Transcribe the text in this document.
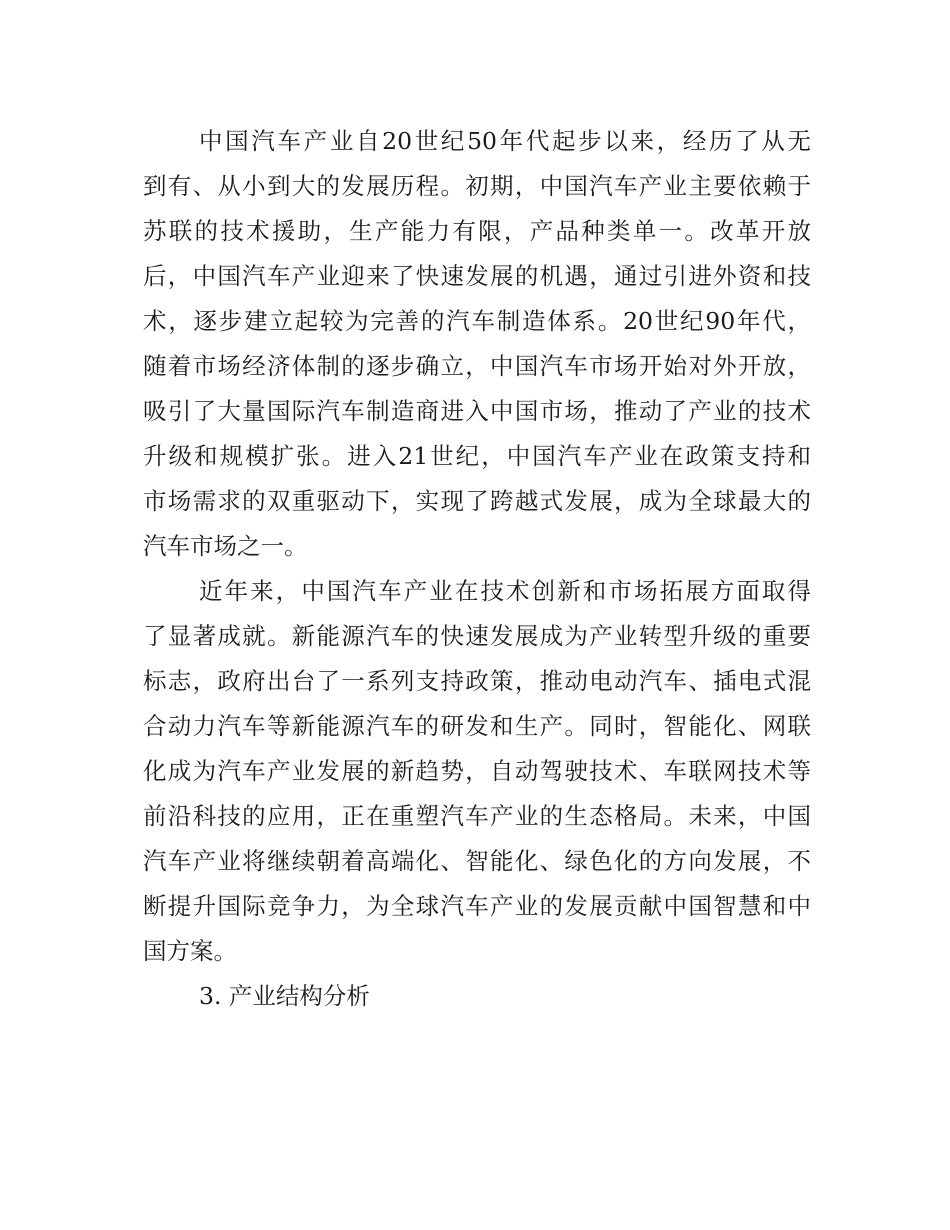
中国汽车产业自20世纪50年代起步以来，经历了从无
到有、从小到大的发展历程。初期，中国汽车产业主要依赖于
苏联的技术援助，生产能力有限，产品种类单一。改革开放
后，中国汽车产业迎来了快速发展的机遇，通过引进外资和技
术，逐步建立起较为完善的汽车制造体系。20世纪90年代，
随着市场经济体制的逐步确立，中国汽车市场开始对外开放，
吸引了大量国际汽车制造商进入中国市场，推动了产业的技术
升级和规模扩张。进入21世纪，中国汽车产业在政策支持和
市场需求的双重驱动下，实现了跨越式发展，成为全球最大的
汽车市场之一。
近年来，中国汽车产业在技术创新和市场拓展方面取得
了显著成就。新能源汽车的快速发展成为产业转型升级的重要
标志，政府出台了一系列支持政策，推动电动汽车、插电式混
合动力汽车等新能源汽车的研发和生产。同时，智能化、网联
化成为汽车产业发展的新趋势，自动驾驶技术、车联网技术等
前沿科技的应用，正在重塑汽车产业的生态格局。未来，中国
汽车产业将继续朝着高端化、智能化、绿色化的方向发展，不
断提升国际竞争力，为全球汽车产业的发展贡献中国智慧和中
国方案。
3. 产业结构分析
